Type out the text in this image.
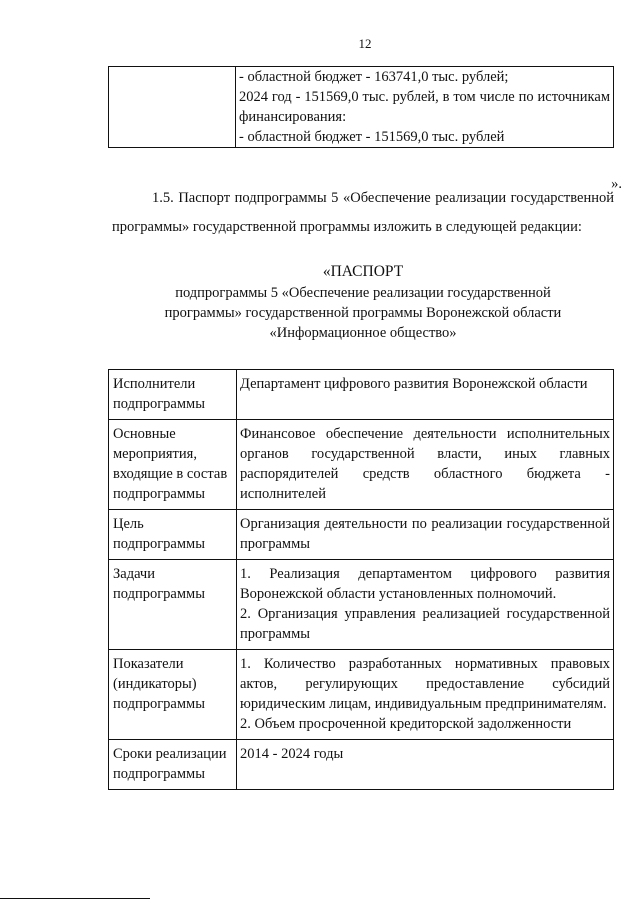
12

- областной бюджет - 163741,0 тыс. рублей;
2024 год - 151569,0 тыс. рублей, в том числе по источникам финансирования:
- областной бюджет - 151569,0 тыс. рублей
».
1.5. Паспорт подпрограммы 5 «Обеспечение реализации государственной программы» государственной программы изложить в следующей редакции:
«ПАСПОРТ
подпрограммы 5 «Обеспечение реализации государственной программы» государственной программы Воронежской области «Информационное общество»
Исполнители подпрограммы	Департамент цифрового развития Воронежской области

Основные мероприятия, входящие в состав подпрограммы	Финансовое обеспечение деятельности исполнительных органов государственной власти, иных главных распорядителей средств областного бюджета - исполнителей

Цель подпрограммы	Организация деятельности по реализации государственной программы

Задачи подпрограммы	1. Реализация департаментом цифрового развития Воронежской области установленных полномочий.
2. Организация управления реализацией государственной программы

Показатели (индикаторы) подпрограммы	1. Количество разработанных нормативных правовых актов, регулирующих предоставление субсидий юридическим лицам, индивидуальным предпринимателям.
2. Объем просроченной кредиторской задолженности

Сроки реализации подпрограммы	2014 - 2024 годы
